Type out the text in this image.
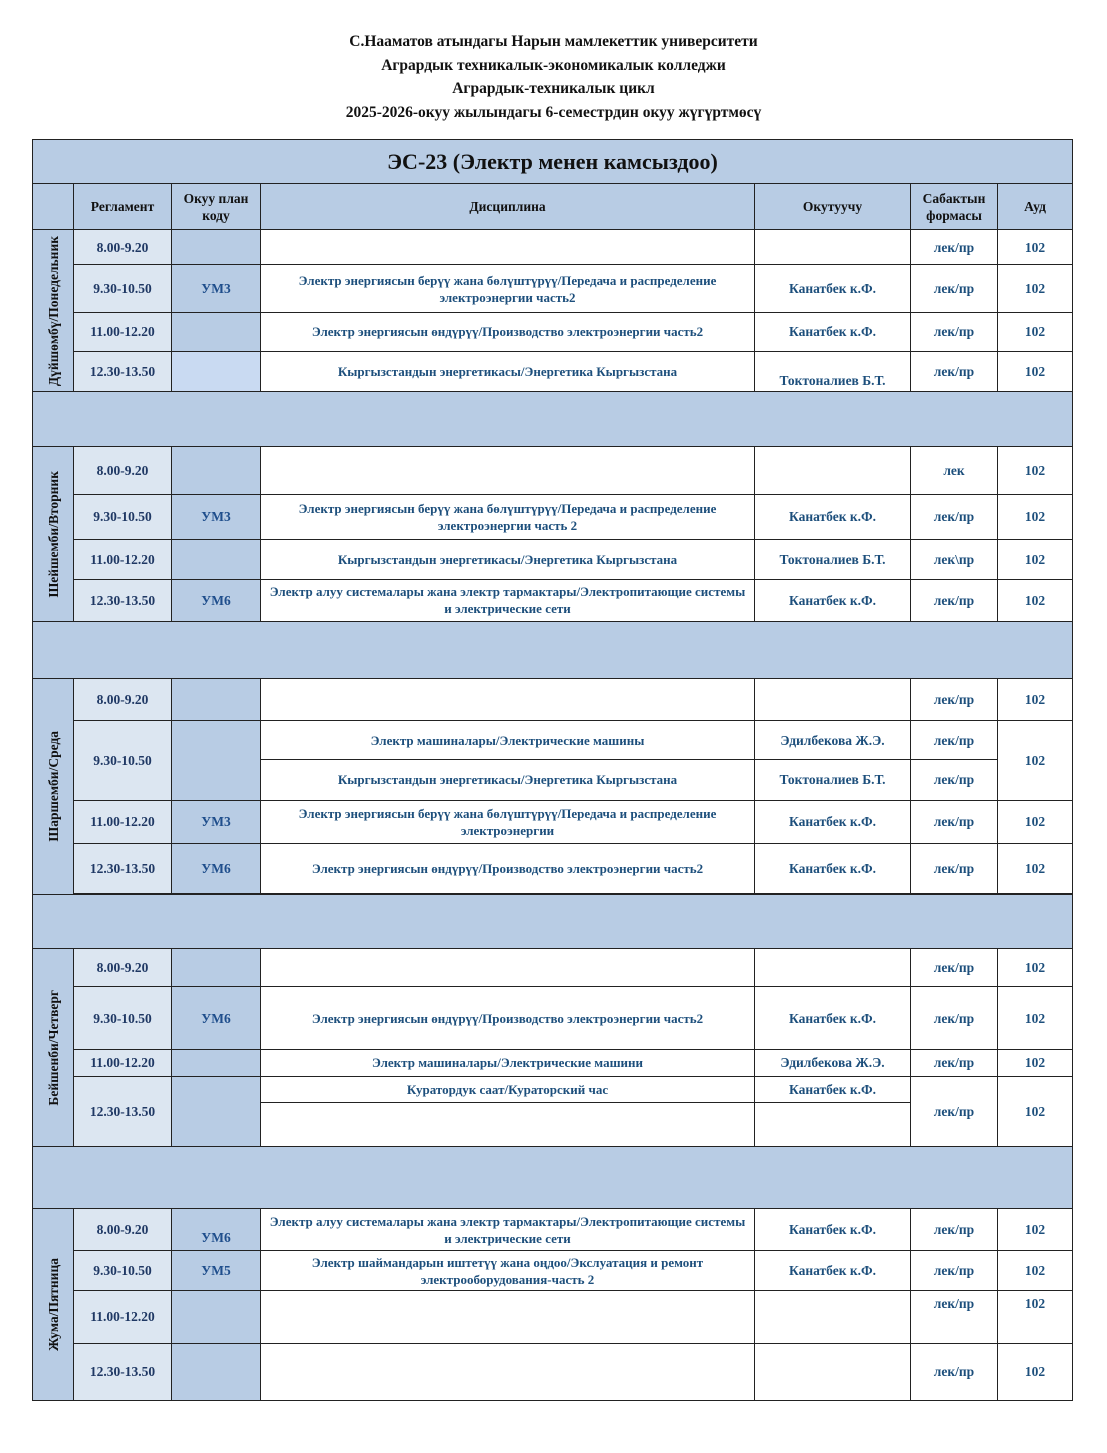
С.Нааматов атындагы Нарын мамлекеттик университети
Агрардык техникалык-экономикалык колледжи
Агрардык-техникалык цикл
2025-2026-окуу жылындагы 6-семестрдин окуу жүгүртмөсү
ЭС-23 (Электр менен камсыздоо)						
	Регламент	Окуу план коду	Дисциплина	Окутуучу	Сабактын формасы	Ауд

Дүйшөмбү/Понедельник	8.00-9.20				лек/пр	102
	9.30-10.50	УМ3	Электр энергиясын берүү жана бөлүштүрүү/Передача и распределение электроэнергии часть2	Канатбек к.Ф.	лек/пр	102
	11.00-12.20		Электр энергиясын өндүрүү/Производство электроэнергии часть2	Канатбек к.Ф.	лек/пр	102
	12.30-13.50		Кыргызстандын энергетикасы/Энергетика Кыргызстана	Токтоналиев Б.Т.	лек/пр	102

Шейшемби/Вторник	8.00-9.20				лек	102
	9.30-10.50	УМ3	Электр энергиясын берүү жана бөлүштүрүү/Передача и распределение электроэнергии часть 2	Канатбек к.Ф.	лек/пр	102
	11.00-12.20		Кыргызстандын энергетикасы/Энергетика Кыргызстана	Токтоналиев Б.Т.	лек\пр	102
	12.30-13.50	УМ6	Электр алуу системалары жана электр тармактары/Электропитающие системы и электрические сети	Канатбек к.Ф.	лек/пр	102

Шаршемби/Среда	8.00-9.20				лек/пр	102
	9.30-10.50		Электр машиналары/Электрические машины	Эдилбекова Ж.Э.	лек/пр	102
			Кыргызстандын энергетикасы/Энергетика Кыргызстана	Токтоналиев Б.Т.	лек/пр	
	11.00-12.20	УМ3	Электр энергиясын берүү жана бөлүштүрүү/Передача и распределение электроэнергии	Канатбек к.Ф.	лек/пр	102
	12.30-13.50	УМ6	Электр энергиясын өндүрүү/Производство электроэнергии часть2	Канатбек к.Ф.	лек/пр	102

Бейшенби/Четверг	8.00-9.20				лек/пр	102
	9.30-10.50	УМ6	Электр энергиясын өндүрүү/Производство электроэнергии часть2	Канатбек к.Ф.	лек/пр	102
	11.00-12.20		Электр машиналары/Электрические машини	Эдилбекова Ж.Э.	лек/пр	102
	12.30-13.50		Куратордук саат/Кураторский час	Канатбек к.Ф.	лек/пр	102

Жума/Пятница	8.00-9.20	УМ6	Электр алуу системалары жана электр тармактары/Электропитающие системы и электрические сети	Канатбек к.Ф.	лек/пр	102
	9.30-10.50	УМ5	Электр шаймандарын иштетүү жана оңдоо/Экслуатация и ремонт электрооборудования-часть 2	Канатбек к.Ф.	лек/пр	102
	11.00-12.20				лек/пр	102
	12.30-13.50				лек/пр	102
